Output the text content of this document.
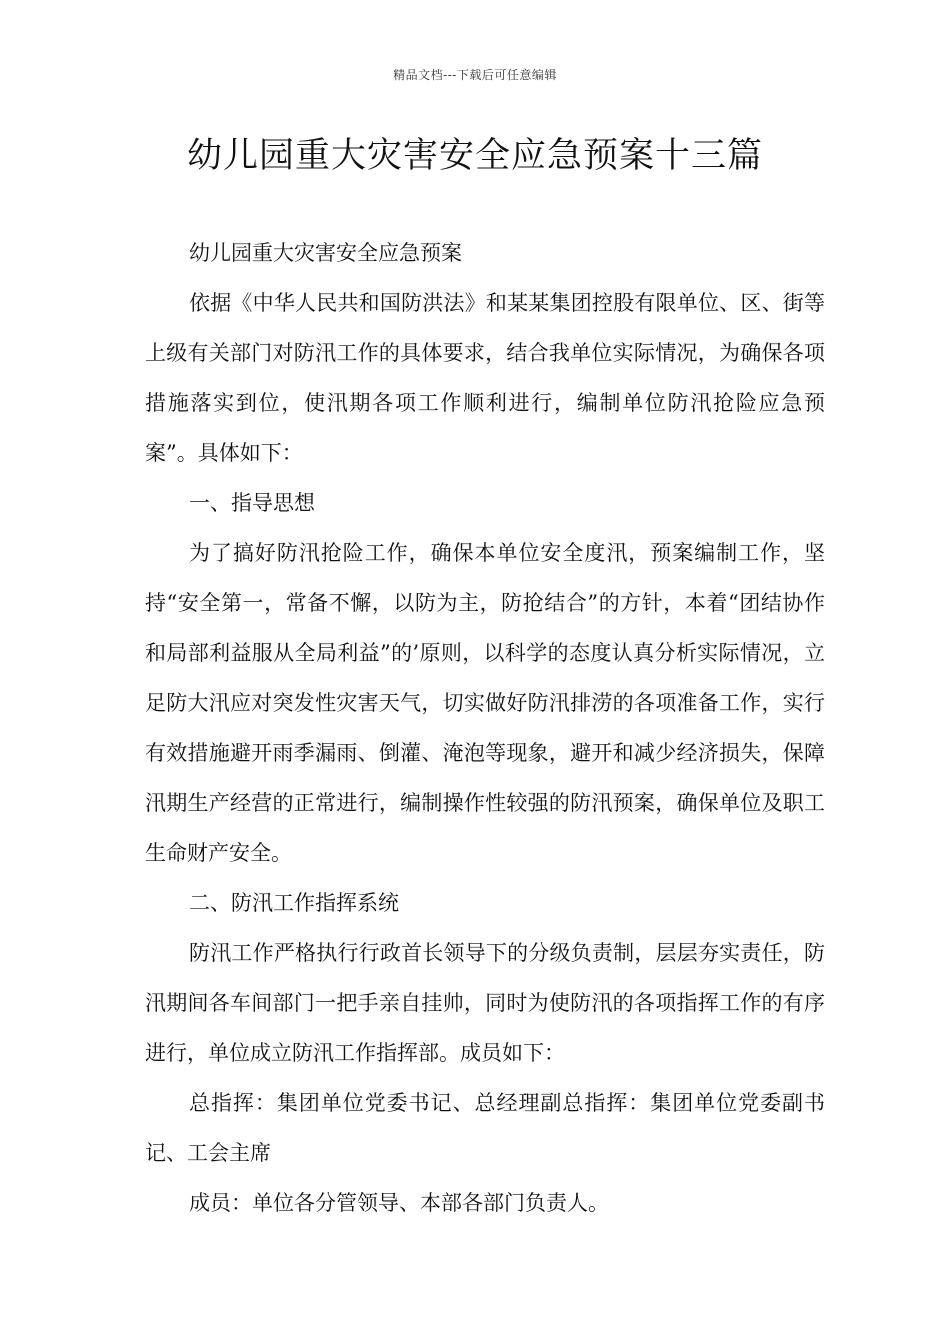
精品文档---下载后可任意编辑
幼儿园重大灾害安全应急预案十三篇

幼儿园重大灾害安全应急预案

依据《中华人民共和国防洪法》和某某集团控股有限单位、区、街等上级有关部门对防汛工作的具体要求，结合我单位实际情况，为确保各项措施落实到位，使汛期各项工作顺利进行，编制单位防汛抢险应急预案”。具体如下：

一、指导思想

为了搞好防汛抢险工作，确保本单位安全度汛，预案编制工作，坚持“安全第一，常备不懈，以防为主，防抢结合”的方针，本着“团结协作和局部利益服从全局利益”的’原则，以科学的态度认真分析实际情况，立足防大汛应对突发性灾害天气，切实做好防汛排涝的各项准备工作，实行有效措施避开雨季漏雨、倒灌、淹泡等现象，避开和减少经济损失，保障汛期生产经营的正常进行，编制操作性较强的防汛预案，确保单位及职工生命财产安全。

二、防汛工作指挥系统

防汛工作严格执行行政首长领导下的分级负责制，层层夯实责任，防汛期间各车间部门一把手亲自挂帅，同时为使防汛的各项指挥工作的有序进行，单位成立防汛工作指挥部。成员如下：

总指挥：集团单位党委书记、总经理副总指挥：集团单位党委副书记、工会主席

成员：单位各分管领导、本部各部门负责人。
